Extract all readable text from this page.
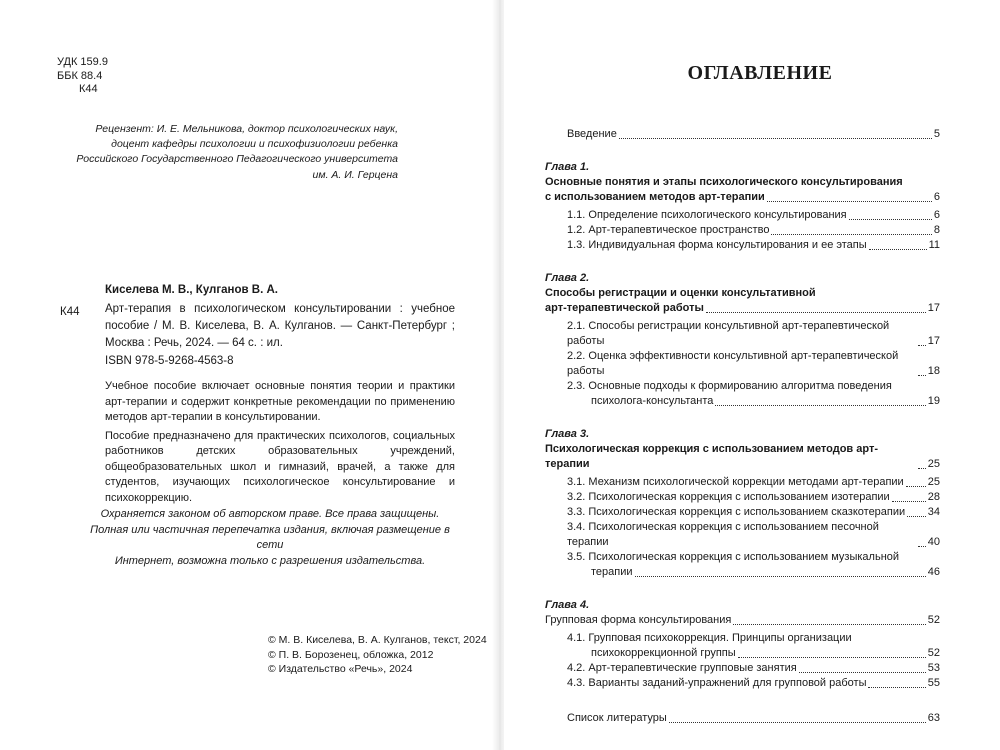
УДК 159.9
ББК 88.4
К44
Рецензент: И. Е. Мельникова, доктор психологических наук,
доцент кафедры психологии и психофизиологии ребенка
Российского Государственного Педагогического университета
им. А. И. Герцена
Киселева М. В., Кулганов В. А.
К44 Арт-терапия в психологическом консультировании : учебное пособие / М. В. Киселева, В. А. Кулганов. — Санкт-Петербург ; Москва : Речь, 2024. — 64 с. : ил.
ISBN 978-5-9268-4563-8

Учебное пособие включает основные понятия теории и практики арт-терапии и содержит конкретные рекомендации по применению методов арт-терапии в консультировании.

Пособие предназначено для практических психологов, социальных работников детских образовательных учреждений, общеобразовательных школ и гимназий, врачей, а также для студентов, изучающих психологическое консультирование и психокоррекцию.

Охраняется законом об авторском праве. Все права защищены.
Полная или частичная перепечатка издания, включая размещение в сети
Интернет, возможна только с разрешения издательства.
© М. В. Киселева, В. А. Кулганов, текст, 2024
© П. В. Борозенец, обложка, 2012
© Издательство «Речь», 2024
ОГЛАВЛЕНИЕ
Введение	5
Глава 1.
Основные понятия и этапы психологического консультирования
с использованием методов арт-терапии	6
1.1. Определение психологического консультирования	6
1.2. Арт-терапевтическое пространство	8
1.3. Индивидуальная форма консультирования и ее этапы	11
Глава 2.
Способы регистрации и оценки консультативной
арт-терапевтической работы	17
2.1. Способы регистрации консультивной арт-терапевтической работы	17
2.2. Оценка эффективности консультивной арт-терапевтической работы	18
2.3. Основные подходы к формированию алгоритма поведения
психолога-консультанта	19
Глава 3.
Психологическая коррекция с использованием методов арт-терапии	25
3.1. Механизм психологической коррекции методами арт-терапии 25
3.2. Психологическая коррекция с использованием изотерапии	28
3.3. Психологическая коррекция с использованием сказкотерапии 34
3.4. Психологическая коррекция с использованием песочной терапии	40
3.5. Психологическая коррекция с использованием музыкальной
терапии	46
Глава 4.
Групповая форма консультирования	52
4.1. Групповая психокоррекция. Принципы организации
психокоррекционной группы	52
4.2. Арт-терапевтические групповые занятия	53
4.3. Варианты заданий-упражнений для групповой работы	55
Список литературы	63
